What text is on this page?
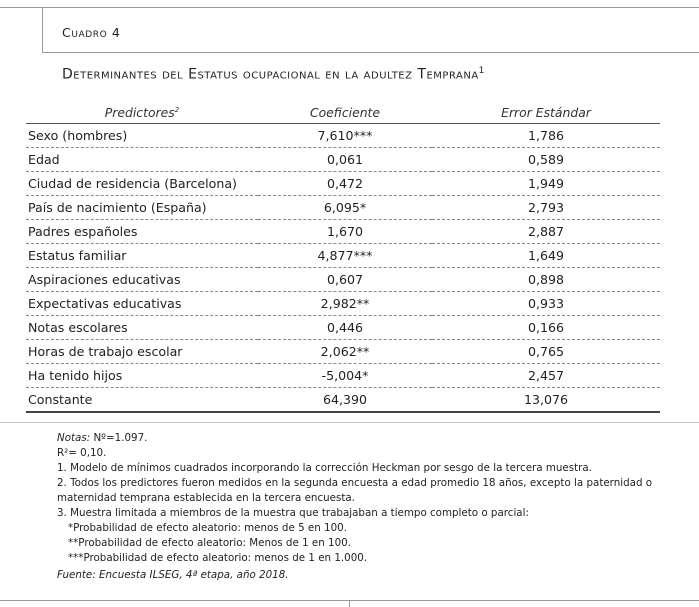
Cuadro 4
Determinantes del Estatus ocupacional en la adultez Temprana$^1$
Predictores$^2$	Coeficiente	Error Estándar
Sexo (hombres)	7,610***	1,786
Edad	0,061	0,589
Ciudad de residencia (Barcelona)	0,472	1,949
País de nacimiento (España)	6,095*	2,793
Padres españoles	1,670	2,887
Estatus familiar	4,877***	1,649
Aspiraciones educativas	0,607	0,898
Expectativas educativas	2,982**	0,933
Notas escolares	0,446	0,166
Horas de trabajo escolar	2,062**	0,765
Ha tenido hijos	-5,004*	2,457
Constante	64,390	13,076
Notas: Nº=1.097.
R²= 0,10.
1. Modelo de mínimos cuadrados incorporando la corrección Heckman por sesgo de la tercera muestra.
2. Todos los predictores fueron medidos en la segunda encuesta a edad promedio 18 años, excepto la paternidad o
maternidad temprana establecida en la tercera encuesta.
3. Muestra limitada a miembros de la muestra que trabajaban a tiempo completo o parcial:
*Probabilidad de efecto aleatorio: menos de 5 en 100.
**Probabilidad de efecto aleatorio: Menos de 1 en 100.
***Probabilidad de efecto aleatorio: menos de 1 en 1.000.
Fuente: Encuesta ILSEG, 4ª etapa, año 2018.
